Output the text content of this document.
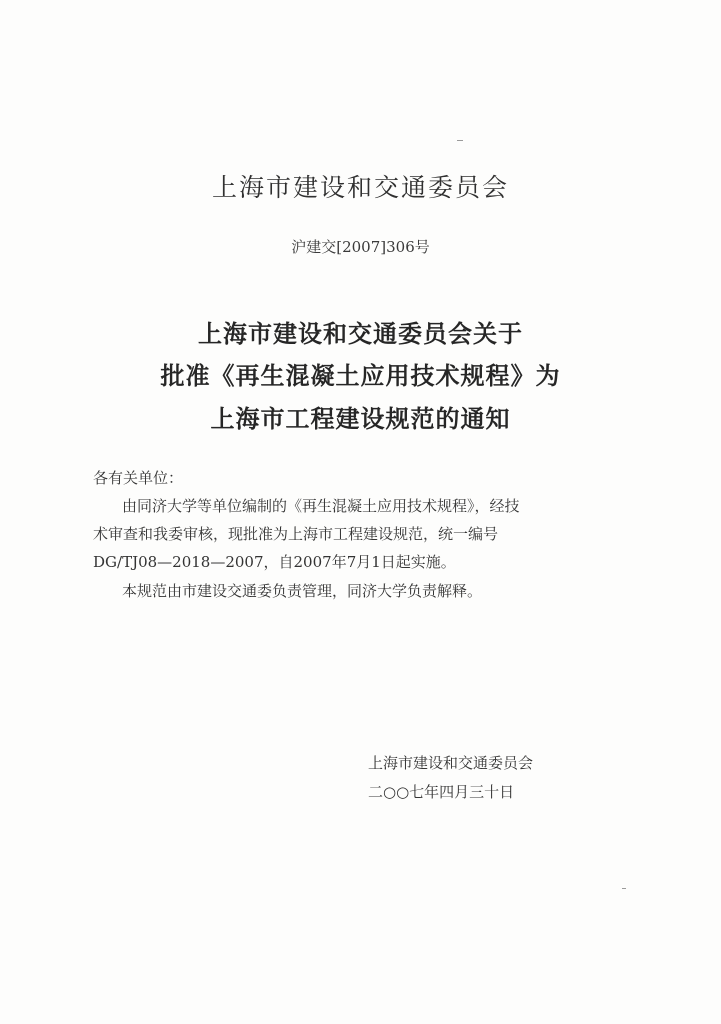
上海市建设和交通委员会
沪建交[2007]306号
上海市建设和交通委员会关于
批准《再生混凝土应用技术规程》为
上海市工程建设规范的通知
各有关单位：
由同济大学等单位编制的《再生混凝土应用技术规程》，经技
术审查和我委审核，现批准为上海市工程建设规范，统一编号
DG/TJ08—2018—2007，自2007年7月1日起实施。
本规范由市建设交通委负责管理，同济大学负责解释。
上海市建设和交通委员会
二○○七年四月三十日
